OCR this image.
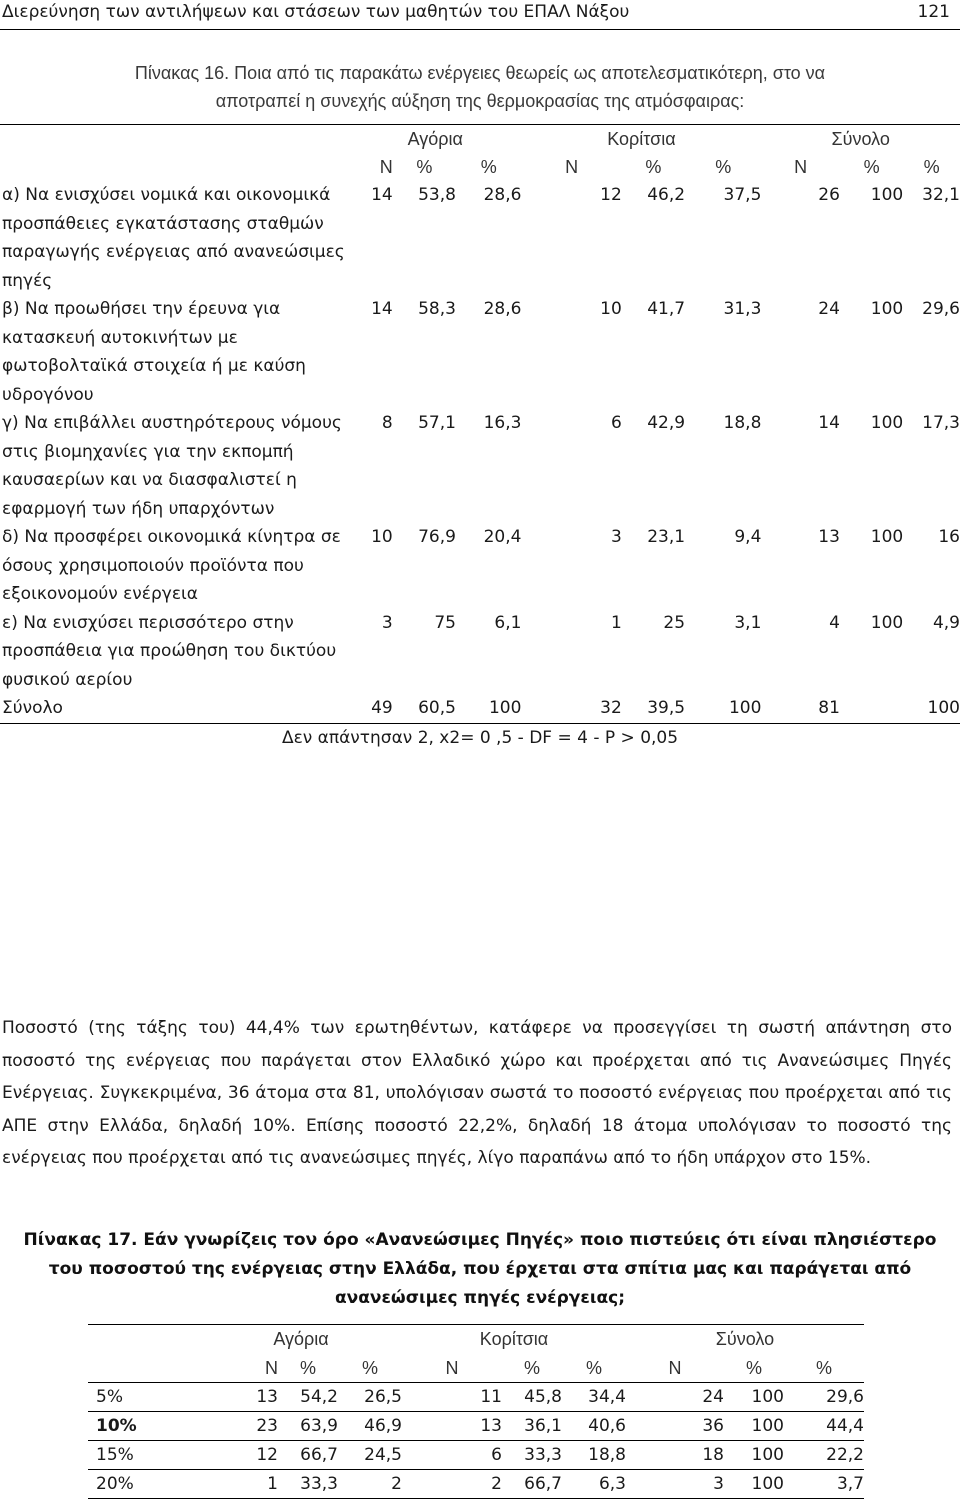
Διερεύνηση των αντιλήψεων και στάσεων των μαθητών του ΕΠΑΛ Νάξου	121
Πίνακας 16. Ποια από τις παρακάτω ενέργειες θεωρείς ως αποτελεσματικότερη, στο να
αποτραπεί η συνεχής αύξηση της θερμοκρασίας της ατμόσφαιρας:
	Αγόρια			Κορίτσια			Σύνολο		
	Ν	%	%	Ν	%	%	Ν	%	%
α) Να ενισχύσει νομικά και οικονομικά προσπάθειες εγκατάστασης σταθμών παραγωγής ενέργειας από ανανεώσιμες πηγές	14	53,8	28,6	12	46,2	37,5	26	100	32,1
β) Να προωθήσει την έρευνα για κατασκευή αυτοκινήτων με φωτοβολταϊκά στοιχεία ή με καύση υδρογόνου	14	58,3	28,6	10	41,7	31,3	24	100	29,6
γ) Να επιβάλλει αυστηρότερους νόμους στις βιομηχανίες για την εκπομπή καυσαερίων και να διασφαλιστεί η εφαρμογή των ήδη υπαρχόντων	8	57,1	16,3	6	42,9	18,8	14	100	17,3
δ) Να προσφέρει οικονομικά κίνητρα σε όσους χρησιμοποιούν προϊόντα που εξοικονομούν ενέργεια	10	76,9	20,4	3	23,1	9,4	13	100	16
ε) Να ενισχύσει περισσότερο στην προσπάθεια για προώθηση του δικτύου φυσικού αερίου	3	75	6,1	1	25	3,1	4	100	4,9
Σύνολο	49	60,5	100	32	39,5	100	81		100
Δεν απάντησαν 2, x2= 0 ,5 - DF = 4 - P > 0,05									
Ποσοστό (της τάξης του) 44,4% των ερωτηθέντων, κατάφερε να προσεγγίσει τη σωστή απάντηση στο ποσοστό της ενέργειας που παράγεται στον Ελλαδικό χώρο και προέρχεται από τις Ανανεώσιμες Πηγές Ενέργειας. Συγκεκριμένα, 36 άτομα στα 81, υπολόγισαν σωστά το ποσοστό ενέργειας που προέρχεται από τις ΑΠΕ στην Ελλάδα, δηλαδή 10%. Επίσης ποσοστό 22,2%, δηλαδή 18 άτομα υπολόγισαν το ποσοστό της ενέργειας που προέρχεται από τις ανανεώσιμες πηγές, λίγο παραπάνω από το ήδη υπάρχον στο 15%.
Πίνακας 17. Εάν γνωρίζεις τον όρο «Ανανεώσιμες Πηγές» ποιο πιστεύεις ότι είναι πλησιέστερο
του ποσοστού της ενέργειας στην Ελλάδα, που έρχεται στα σπίτια μας και παράγεται από
ανανεώσιμες πηγές ενέργειας;
	Αγόρια			Κορίτσια			Σύνολο		
	Ν	%	%	Ν	%	%	Ν	%	%
5%	13	54,2	26,5	11	45,8	34,4	24	100	29,6
10%	23	63,9	46,9	13	36,1	40,6	36	100	44,4
15%	12	66,7	24,5	6	33,3	18,8	18	100	22,2
20%	1	33,3	2	2	66,7	6,3	3	100	3,7
